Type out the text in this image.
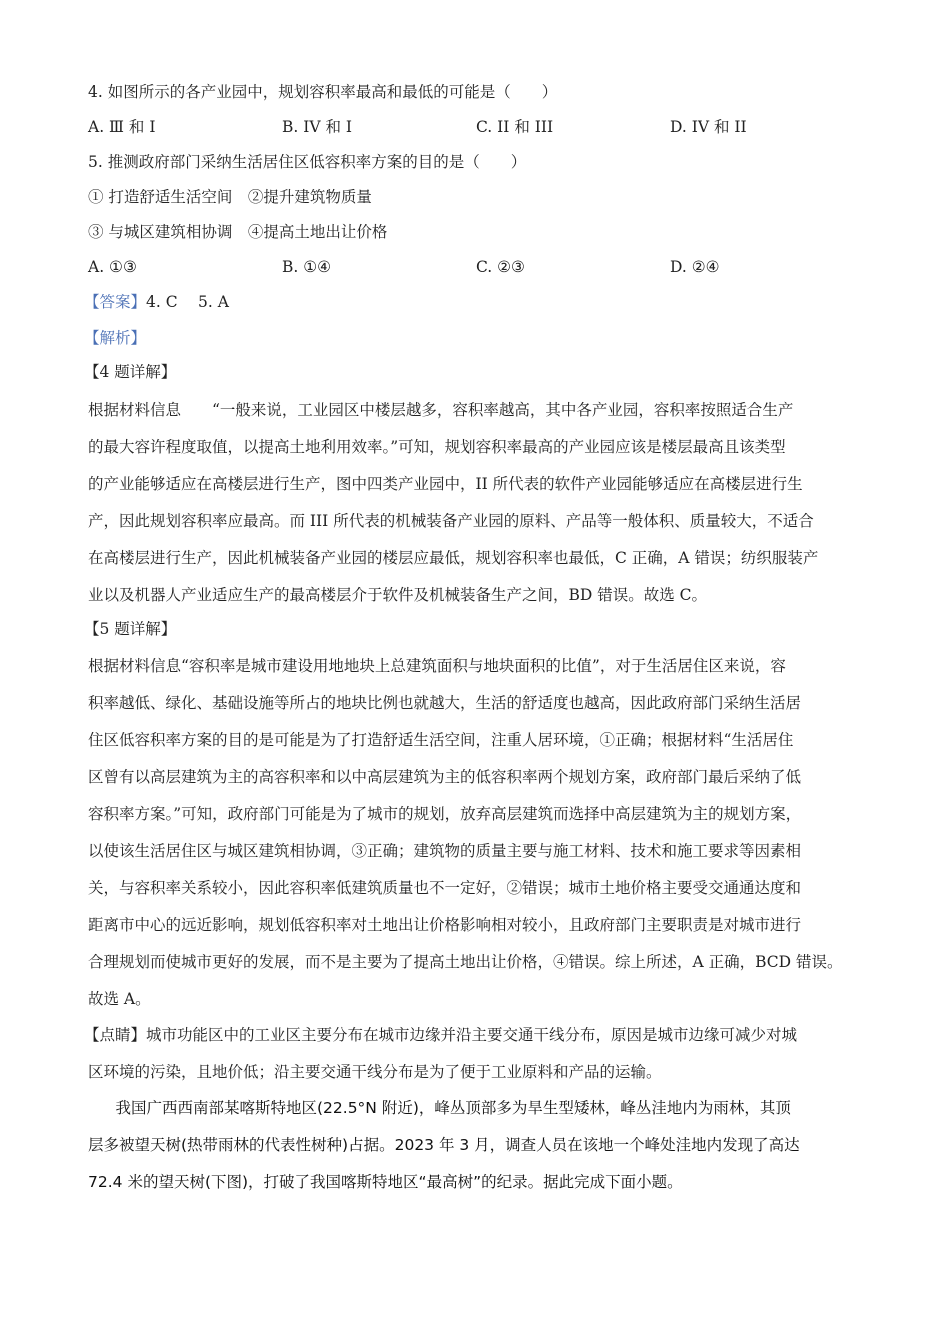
4. 如图所示的各产业园中，规划容积率最高和最低的可能是（　　）
A. Ⅲ 和 I	B. IV 和 I	C. II 和 III	D. IV 和 II
5. 推测政府部门采纳生活居住区低容积率方案的目的是（　　）
① 打造舒适生活空间　②提升建筑物质量
③ 与城区建筑相协调　④提高土地出让价格
A. ①③	B. ①④	C. ②③	D. ②④
【答案】4. C　 5. A
【解析】
【4 题详解】
根据材料信息　　“一般来说，工业园区中楼层越多，容积率越高，其中各产业园，容积率按照适合生产
的最大容许程度取值，以提高土地利用效率。”可知，规划容积率最高的产业园应该是楼层最高且该类型
的产业能够适应在高楼层进行生产，图中四类产业园中，II 所代表的软件产业园能够适应在高楼层进行生
产，因此规划容积率应最高。而 III 所代表的机械装备产业园的原料、产品等一般体积、质量较大，不适合
在高楼层进行生产，因此机械装备产业园的楼层应最低，规划容积率也最低，C 正确，A 错误；纺织服装产
业以及机器人产业适应生产的最高楼层介于软件及机械装备生产之间，BD 错误。故选 C。
【5 题详解】
根据材料信息“容积率是城市建设用地地块上总建筑面积与地块面积的比值”，对于生活居住区来说，容
积率越低、绿化、基础设施等所占的地块比例也就越大，生活的舒适度也越高，因此政府部门采纳生活居
住区低容积率方案的目的是可能是为了打造舒适生活空间，注重人居环境，①正确；根据材料“生活居住
区曾有以高层建筑为主的高容积率和以中高层建筑为主的低容积率两个规划方案，政府部门最后采纳了低
容积率方案。”可知，政府部门可能是为了城市的规划，放弃高层建筑而选择中高层建筑为主的规划方案，
以使该生活居住区与城区建筑相协调，③正确；建筑物的质量主要与施工材料、技术和施工要求等因素相
关，与容积率关系较小，因此容积率低建筑质量也不一定好，②错误；城市土地价格主要受交通通达度和
距离市中心的远近影响，规划低容积率对土地出让价格影响相对较小，且政府部门主要职责是对城市进行
合理规划而使城市更好的发展，而不是主要为了提高土地出让价格，④错误。综上所述，A 正确，BCD 错误。
故选 A。
【点睛】城市功能区中的工业区主要分布在城市边缘并沿主要交通干线分布，原因是城市边缘可减少对城
区环境的污染，且地价低；沿主要交通干线分布是为了便于工业原料和产品的运输。
　我国广西西南部某喀斯特地区(22.5°N 附近)，峰丛顶部多为旱生型矮林，峰丛洼地内为雨林，其顶
层多被望天树(热带雨林的代表性树种)占据。2023 年 3 月，调查人员在该地一个峰处洼地内发现了高达
72.4 米的望天树(下图)，打破了我国喀斯特地区“最高树”的纪录。据此完成下面小题。
